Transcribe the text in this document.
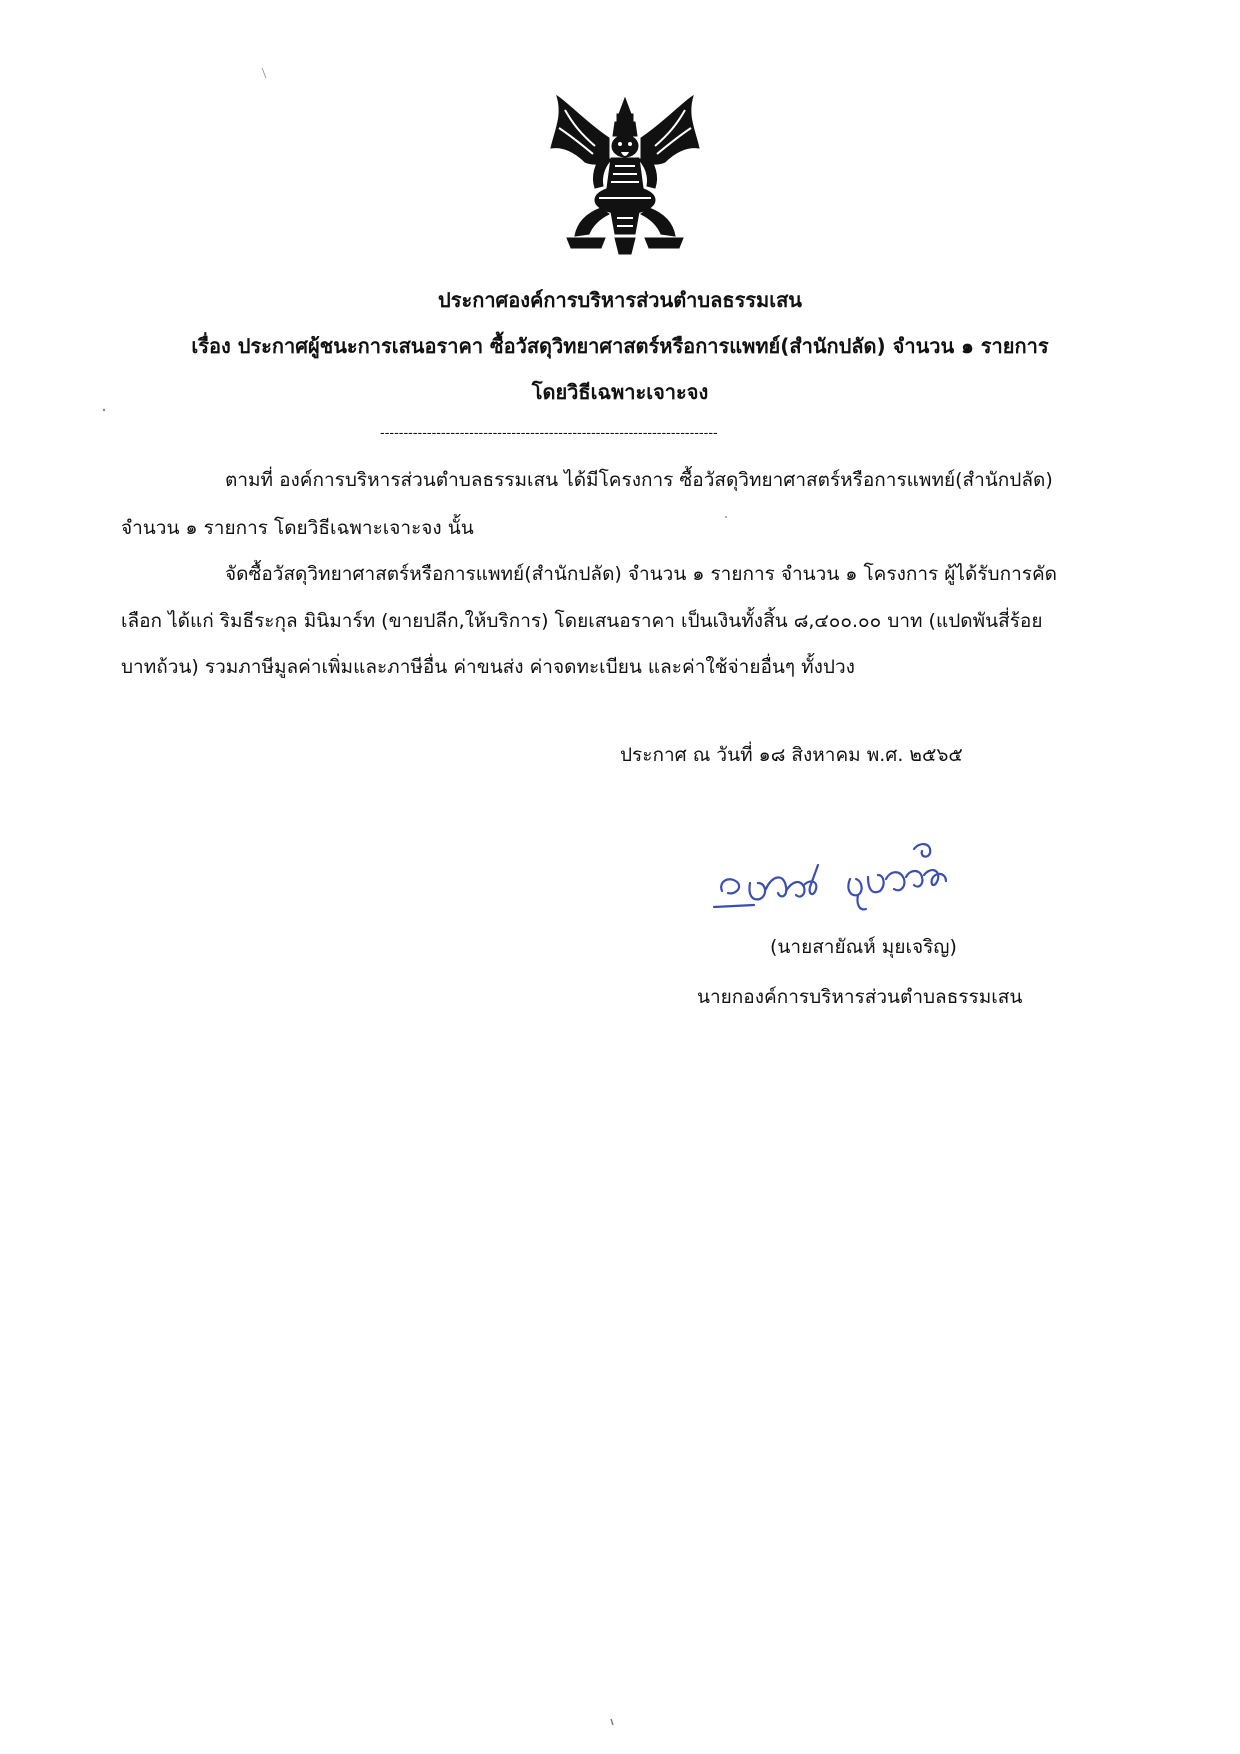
ประกาศองค์การบริหารส่วนตำบลธรรมเสน
เรื่อง ประกาศผู้ชนะการเสนอราคา ซื้อวัสดุวิทยาศาสตร์หรือการแพทย์(สำนักปลัด) จำนวน ๑ รายการ
โดยวิธีเฉพาะเจาะจง
------------------------------------------------------------------------
ตามที่ องค์การบริหารส่วนตำบลธรรมเสน ได้มีโครงการ ซื้อวัสดุวิทยาศาสตร์หรือการแพทย์(สำนักปลัด)
จำนวน ๑ รายการ โดยวิธีเฉพาะเจาะจง นั้น
จัดซื้อวัสดุวิทยาศาสตร์หรือการแพทย์(สำนักปลัด) จำนวน ๑ รายการ จำนวน ๑ โครงการ ผู้ได้รับการคัด
เลือก ได้แก่ ริมธีระกุล มินิมาร์ท (ขายปลีก,ให้บริการ) โดยเสนอราคา เป็นเงินทั้งสิ้น ๘,๔๐๐.๐๐ บาท (แปดพันสี่ร้อย
บาทถ้วน) รวมภาษีมูลค่าเพิ่มและภาษีอื่น ค่าขนส่ง ค่าจดทะเบียน และค่าใช้จ่ายอื่นๆ ทั้งปวง
ประกาศ ณ วันที่ ๑๘ สิงหาคม พ.ศ. ๒๕๖๕
(นายสายัณห์ มุยเจริญ)
นายกองค์การบริหารส่วนตำบลธรรมเสน
